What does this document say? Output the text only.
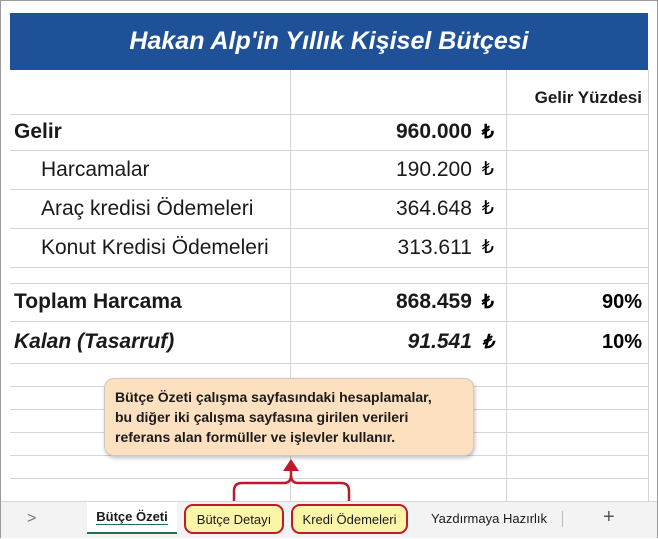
Hakan Alp'in Yıllık Kişisel Bütçesi
Gelir Yüzdesi
Gelir	960.000 ₺
Harcamalar	190.200 ₺
Araç kredisi Ödemeleri	364.648 ₺
Konut Kredisi Ödemeleri	313.611 ₺
Toplam Harcama	868.459 ₺	90%
Kalan (Tasarruf)	91.541 ₺	10%
Bütçe Özeti çalışma sayfasındaki hesaplamalar,
bu diğer iki çalışma sayfasına girilen verileri
referans alan formüller ve işlevler kullanır.
>	Bütçe Özeti Bütçe Detayı Kredi Ödemeleri	Yazdırmaya Hazırlık	+
